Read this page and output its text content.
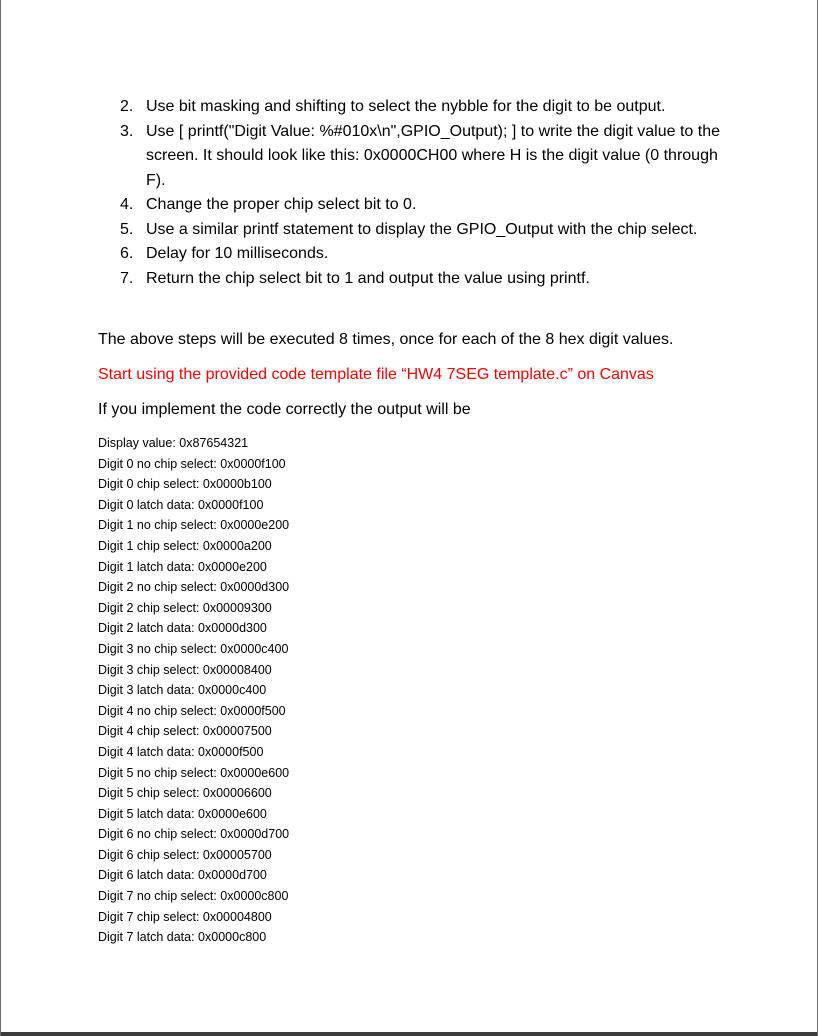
2. Use bit masking and shifting to select the nybble for the digit to be output.
3. Use [ printf("Digit Value: %#010x\n",GPIO_Output); ] to write the digit value to the screen. It should look like this: 0x0000CH00 where H is the digit value (0 through F).
4. Change the proper chip select bit to 0.
5. Use a similar printf statement to display the GPIO_Output with the chip select.
6. Delay for 10 milliseconds.
7. Return the chip select bit to 1 and output the value using printf.

The above steps will be executed 8 times, once for each of the 8 hex digit values.

Start using the provided code template file “HW4 7SEG template.c” on Canvas

If you implement the code correctly the output will be

Display value: 0x87654321
Digit 0 no chip select: 0x0000f100
Digit 0 chip select: 0x0000b100
Digit 0 latch data: 0x0000f100
Digit 1 no chip select: 0x0000e200
Digit 1 chip select: 0x0000a200
Digit 1 latch data: 0x0000e200
Digit 2 no chip select: 0x0000d300
Digit 2 chip select: 0x00009300
Digit 2 latch data: 0x0000d300
Digit 3 no chip select: 0x0000c400
Digit 3 chip select: 0x00008400
Digit 3 latch data: 0x0000c400
Digit 4 no chip select: 0x0000f500
Digit 4 chip select: 0x00007500
Digit 4 latch data: 0x0000f500
Digit 5 no chip select: 0x0000e600
Digit 5 chip select: 0x00006600
Digit 5 latch data: 0x0000e600
Digit 6 no chip select: 0x0000d700
Digit 6 chip select: 0x00005700
Digit 6 latch data: 0x0000d700
Digit 7 no chip select: 0x0000c800
Digit 7 chip select: 0x00004800
Digit 7 latch data: 0x0000c800
